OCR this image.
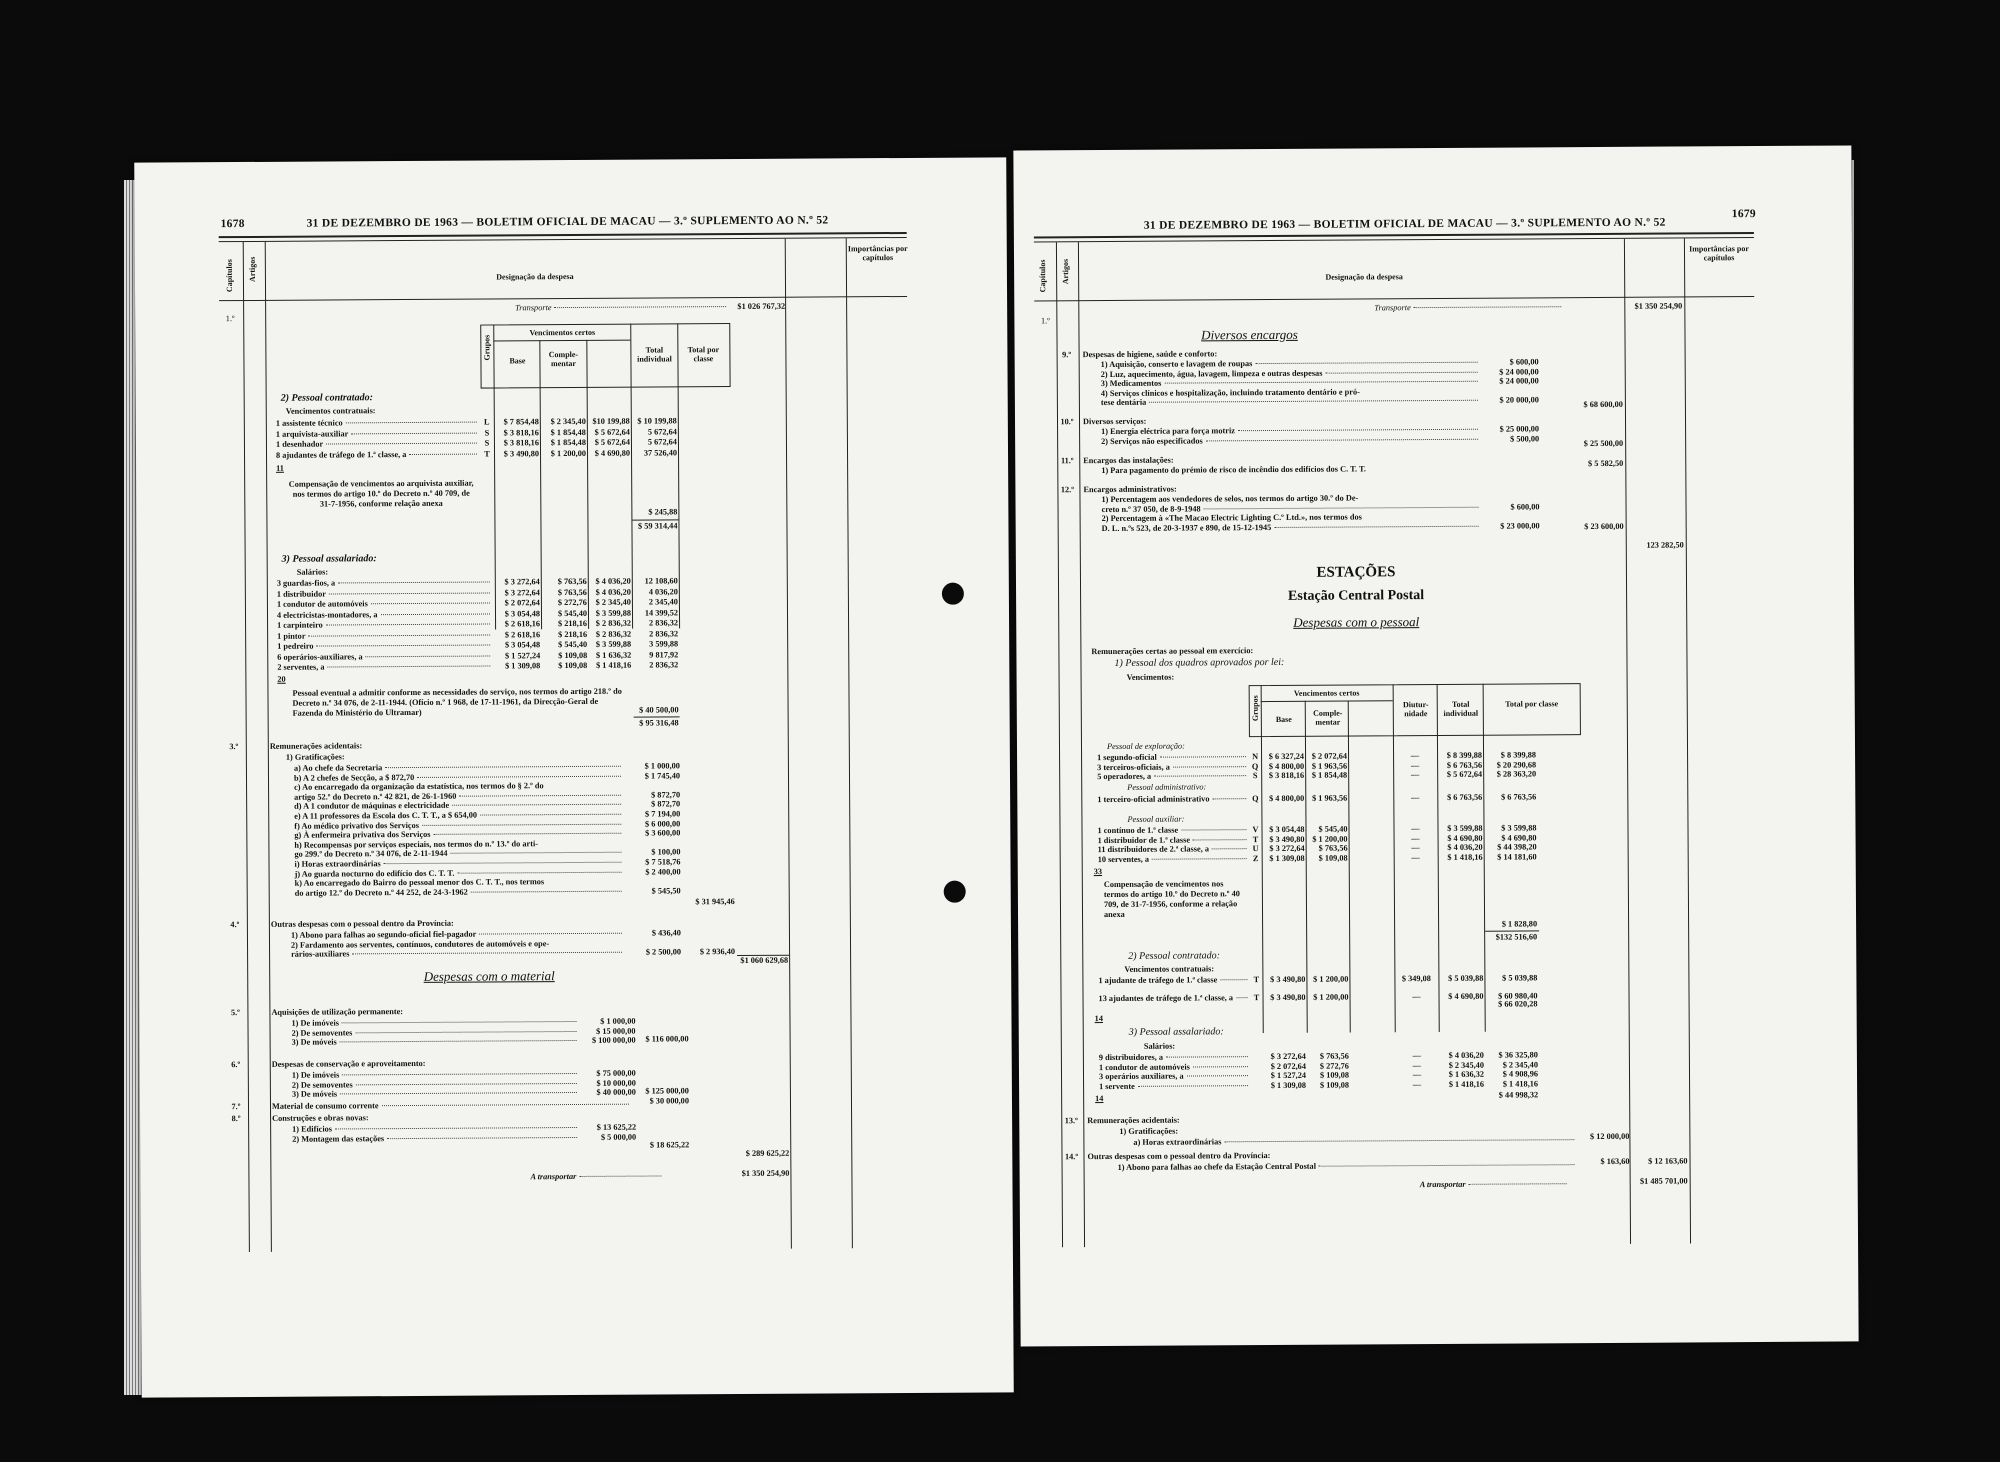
1678	31 DE DEZEMBRO DE 1963 — BOLETIM OFICIAL DE MACAU — 3.º SUPLEMENTO AO N.º 52
Capítulos Artigos	Designação da despesa
Importâncias por capítulos
Transporte	$1 026 767,32
1.º
Grupos
Vencimentos certos
Base
Comple-mentar
Total individual
Total por classe
2) Pessoal contratado:
Vencimentos contratuais:
1 assistente técnico	L	$ 7 854,48	$ 2 345,40 $10 199,88 $ 10 199,88
1 arquivista-auxiliar	S	$ 3 818,16	$ 1 854,48	$ 5 672,64	5 672,64
1 desenhador	S	$ 3 818,16	$ 1 854,48	$ 5 672,64	5 672,64
8 ajudantes de tráfego de 1.ª classe, a	T	$ 3 490,80	$ 1 200,00	$ 4 690,80	37 526,40
11
Compensação de vencimentos ao arquivista auxiliar, nos termos do artigo 10.º do Decreto n.º 40 709, de 31-7-1956, conforme relação anexa
$ 245,88
$ 59 314,44
3) Pessoal assalariado:
Salários:
3 guardas-fios, a	$ 3 272,64	$ 763,56	$ 4 036,20	12 108,60
1 distribuidor	$ 3 272,64	$ 763,56	$ 4 036,20	4 036,20
1 condutor de automóveis	$ 2 072,64	$ 272,76	$ 2 345,40	2 345,40
4 electricistas-montadores, a	$ 3 054,48	$ 545,40	$ 3 599,88	14 399,52
1 carpinteiro	$ 2 618,16	$ 218,16	$ 2 836,32	2 836,32
1 pintor	$ 2 618,16	$ 218,16	$ 2 836,32	2 836,32
1 pedreiro	$ 3 054,48	$ 545,40	$ 3 599,88	3 599,88
6 operários-auxiliares, a	$ 1 527,24	$ 109,08	$ 1 636,32	9 817,92
2 serventes, a	$ 1 309,08	$ 109,08	$ 1 418,16	2 836,32
20
Pessoal eventual a admitir conforme as necessidades do serviço, nos termos do artigo 218.º do Decreto n.º 34 076, de 2-11-1944. (Ofício n.º 1 968, de 17-11-1961, da Direcção-Geral de Fazenda do Ministério do Ultramar)	$ 40 500,00
$ 95 316,48
3.º	Remunerações acidentais:
1) Gratificações:
a) Ao chefe da Secretaria	$ 1 000,00
b) A 2 chefes de Secção, a $ 872,70	$ 1 745,40
c) Ao encarregado da organização da estatística, nos termos do § 2.º do
artigo 52.º do Decreto n.º 42 821, de 26-1-1960	$ 872,70
d) A 1 condutor de máquinas e electricidade	$ 872,70
e) A 11 professores da Escola dos C. T. T., a $ 654,00	$ 7 194,00
f) Ao médico privativo dos Serviços	$ 6 000,00
g) À enfermeira privativa dos Serviços	$ 3 600,00
h) Recompensas por serviços especiais, nos termos do n.º 13.º do arti-
go 299.º do Decreto n.º 34 076, de 2-11-1944	$ 100,00
i) Horas extraordinárias	$ 7 518,76
j) Ao guarda nocturno do edifício dos C. T. T.	$ 2 400,00
k) Ao encarregado do Bairro do pessoal menor dos C. T. T., nos termos
do artigo 12.º do Decreto n.º 44 252, de 24-3-1962	$ 545,50
$ 31 945,46
4.º	Outras despesas com o pessoal dentro da Província:
1) Abono para falhas ao segundo-oficial fiel-pagador	$ 436,40
2) Fardamento aos serventes, contínuos, condutores de automóveis e ope-
rários-auxiliares	$ 2 500,00	$ 2 936,40
$1 060 629,68
Despesas com o material
5.º	Aquisições de utilização permanente:
1) De imóveis	$ 1 000,00
2) De semoventes	$ 15 000,00
3) De móveis	$ 100 000,00	$ 116 000,00
6.º	Despesas de conservação e aproveitamento:
1) De imóveis	$ 75 000,00
2) De semoventes	$ 10 000,00
3) De móveis	$ 40 000,00	$ 125 000,00
7.º	Material de consumo corrente
$ 30 000,00
8.º	Construções e obras novas:
1) Edifícios	$ 13 625,22
2) Montagem das estações	$ 5 000,00
$ 18 625,22
$ 289 625,22
A transportar	$1 350 254,90
31 DE DEZEMBRO DE 1963 — BOLETIM OFICIAL DE MACAU — 3.º SUPLEMENTO AO N.º 52
1679
Capítulos Artigos	Designação da despesa
Importâncias por capítulos
Transporte	$1 350 254,90
1.º
Diversos encargos
9.º	Despesas de higiene, saúde e conforto:
1) Aquisição, conserto e lavagem de roupas	$ 600,00
2) Luz, aquecimento, água, lavagem, limpeza e outras despesas	$ 24 000,00
3) Medicamentos	$ 24 000,00
4) Serviços clínicos e hospitalização, incluindo tratamento dentário e pró-
tese dentária	$ 20 000,00	$ 68 600,00
10.º	Diversos serviços:
1) Energia eléctrica para força motriz	$ 25 000,00
2) Serviços não especificados	$ 500,00
$ 25 500,00
11.º	Encargos das instalações:
1) Para pagamento do prémio de risco de incêndio dos edifícios dos C. T. T.
$ 5 582,50
12.º	Encargos administrativos:
1) Percentagem aos vendedores de selos, nos termos do artigo 30.º do De-
creto n.º 37 050, de 8-9-1948	$ 600,00
2) Percentagem à «The Macao Electric Lighting C.º Ltd.», nos termos dos
D. L. n.ºs 523, de 20-3-1937 e 890, de 15-12-1945	$ 23 000,00	$ 23 600,00
123 282,50
Remunerações certas ao pessoal em exercício:
1) Pessoal dos quadros aprovados por lei:
Vencimentos:
Pessoal de exploração:
1 segundo-oficial	N	$ 6 327,24 $ 2 072,64	—	$ 8 399,88	$ 8 399,88
3 terceiros-oficiais, a	Q	$ 4 800,00 $ 1 963,56	—	$ 6 763,56	$ 20 290,68
5 operadores, a	S	$ 3 818,16 $ 1 854,48	—	$ 5 672,64	$ 28 363,20
Pessoal administrativo:
1 terceiro-oficial administrativo	Q	$ 4 800,00 $ 1 963,56	—	$ 6 763,56	$ 6 763,56
Pessoal auxiliar:
1 contínuo de 1.ª classe	V	$ 3 054,48	$ 545,40	—	$ 3 599,88	$ 3 599,88
1 distribuidor de 1.ª classe	T	$ 3 490,80 $ 1 200,00	—	$ 4 690,80	$ 4 690,80
11 distribuidores de 2.ª classe, a	U	$ 3 272,64	$ 763,56	—	$ 4 036,20	$ 44 398,20
10 serventes, a	Z	$ 1 309,08	$ 109,08	—	$ 1 418,16	$ 14 181,60
33
Compensação de vencimentos nos termos do artigo 10.º do Decreto n.º 40 709, de 31-7-1956, conforme a relação anexa
$ 1 828,80
$132 516,60
2) Pessoal contratado:
Vencimentos contratuais:
1 ajudante de tráfego de 1.ª classe	T	$ 3 490,80 $ 1 200,00	$ 349,08	$ 5 039,88	$ 5 039,88
13 ajudantes de tráfego de 1.ª classe, a	T	$ 3 490,80 $ 1 200,00	—	$ 4 690,80	$ 60 980,40
14
$ 66 020,28
3) Pessoal assalariado:
Salários:
9 distribuidores, a	$ 3 272,64	$ 763,56	—	$ 4 036,20	$ 36 325,80
1 condutor de automóveis	$ 2 072,64	$ 272,76	—	$ 2 345,40	$ 2 345,40
3 operários auxiliares, a	$ 1 527,24	$ 109,08	—	$ 1 636,32	$ 4 908,96
1 servente	$ 1 309,08	$ 109,08	—	$ 1 418,16	$ 1 418,16
14	$ 44 998,32
13.º	Remunerações acidentais:
1) Gratificações:
a) Horas extraordinárias
$ 12 000,00
14.º	Outras despesas com o pessoal dentro da Província:
1) Abono para falhas ao chefe da Estação Central Postal
$ 163,60	$ 12 163,60
A transportar	$1 485 701,00
ESTAÇÕES
Estação Central Postal
Despesas com o pessoal
Grupos
Vencimentos certos
Base
Comple-mentar
Diutur-nidade
Total individual
Total por classe
